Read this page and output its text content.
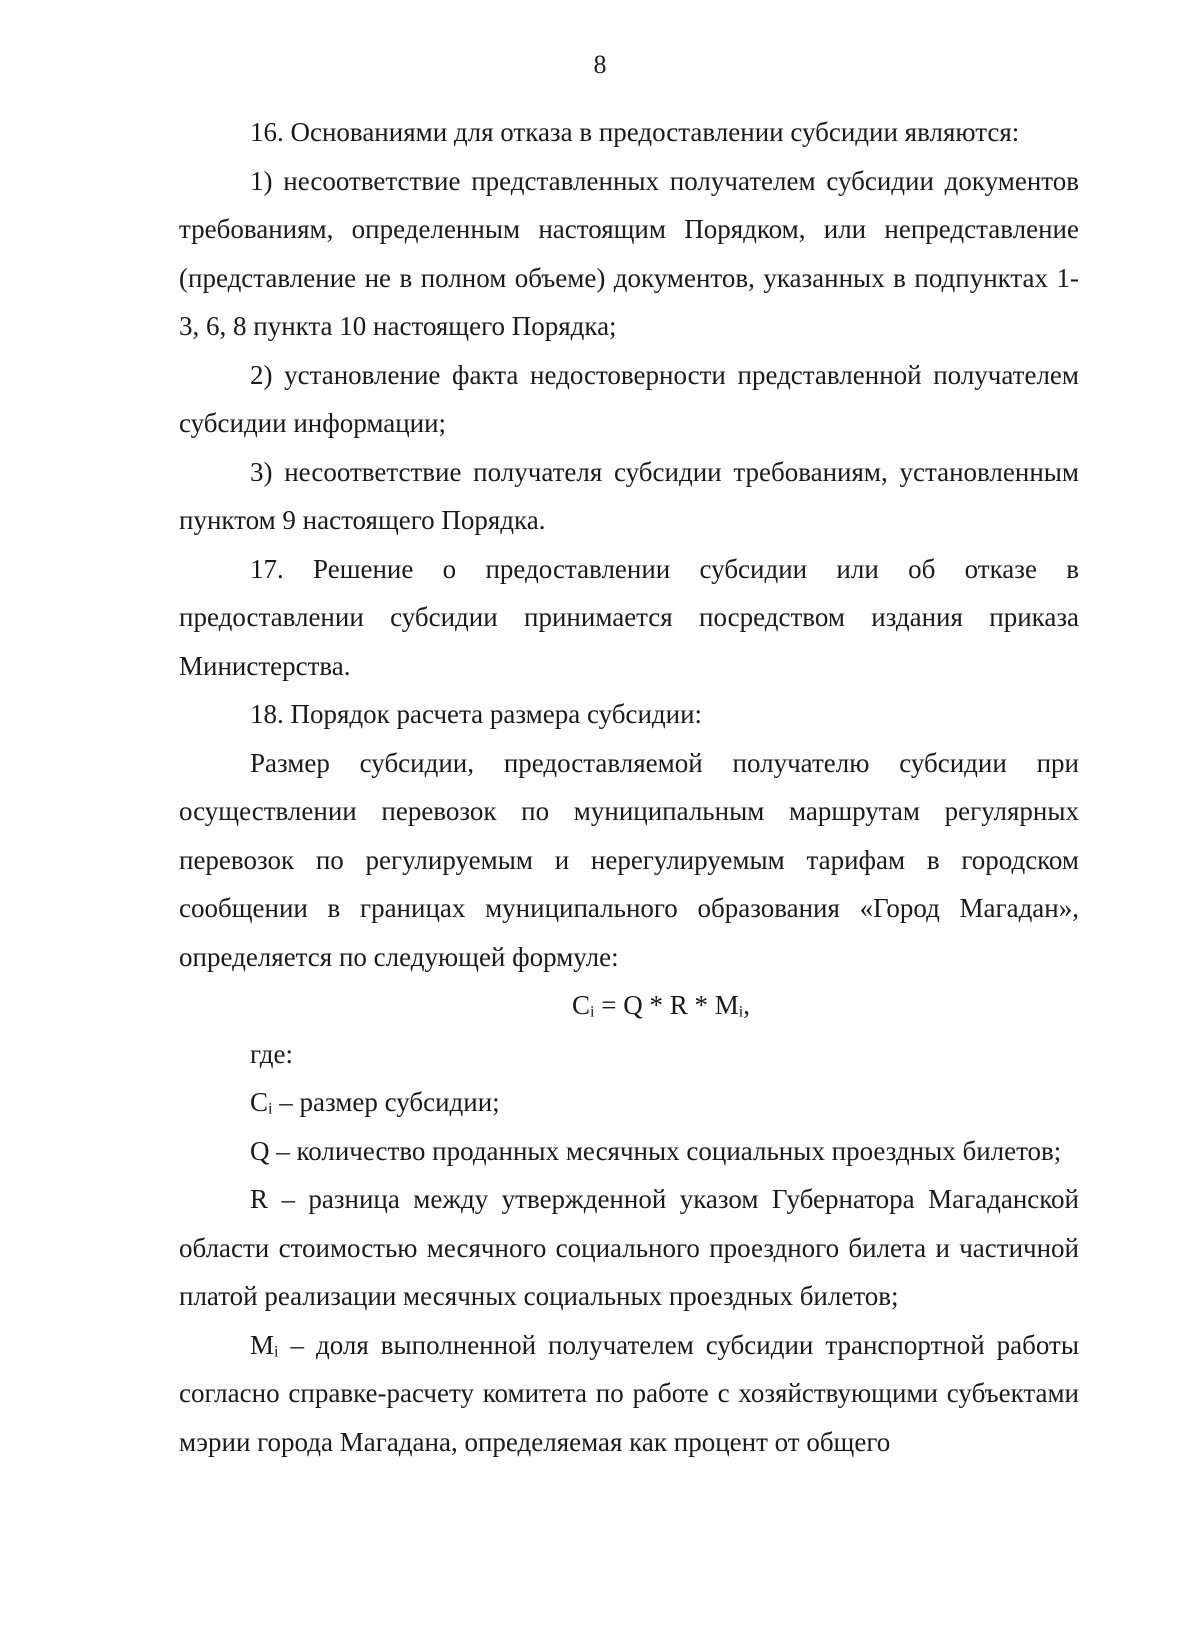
8

16. Основаниями для отказа в предоставлении субсидии являются:

1) несоответствие представленных получателем субсидии документов требованиям, определенным настоящим Порядком, или непредставление (представление не в полном объеме) документов, указанных в подпунктах 1-3, 6, 8 пункта 10 настоящего Порядка;

2) установление факта недостоверности представленной получателем субсидии информации;

3) несоответствие получателя субсидии требованиям, установленным пунктом 9 настоящего Порядка.

17. Решение о предоставлении субсидии или об отказе в предоставлении субсидии принимается посредством издания приказа Министерства.

18. Порядок расчета размера субсидии:

Размер субсидии, предоставляемой получателю субсидии при осуществлении перевозок по муниципальным маршрутам регулярных перевозок по регулируемым и нерегулируемым тарифам в городском сообщении в границах муниципального образования «Город Магадан», определяется по следующей формуле:

$C_i = Q * R * M_i$,

где:

$C_i$ – размер субсидии;

Q – количество проданных месячных социальных проездных билетов;

R – разница между утвержденной указом Губернатора Магаданской области стоимостью месячного социального проездного билета и частичной платой реализации месячных социальных проездных билетов;

$M_i$ – доля выполненной получателем субсидии транспортной работы согласно справке-расчету комитета по работе с хозяйствующими субъектами мэрии города Магадана, определяемая как процент от общего
